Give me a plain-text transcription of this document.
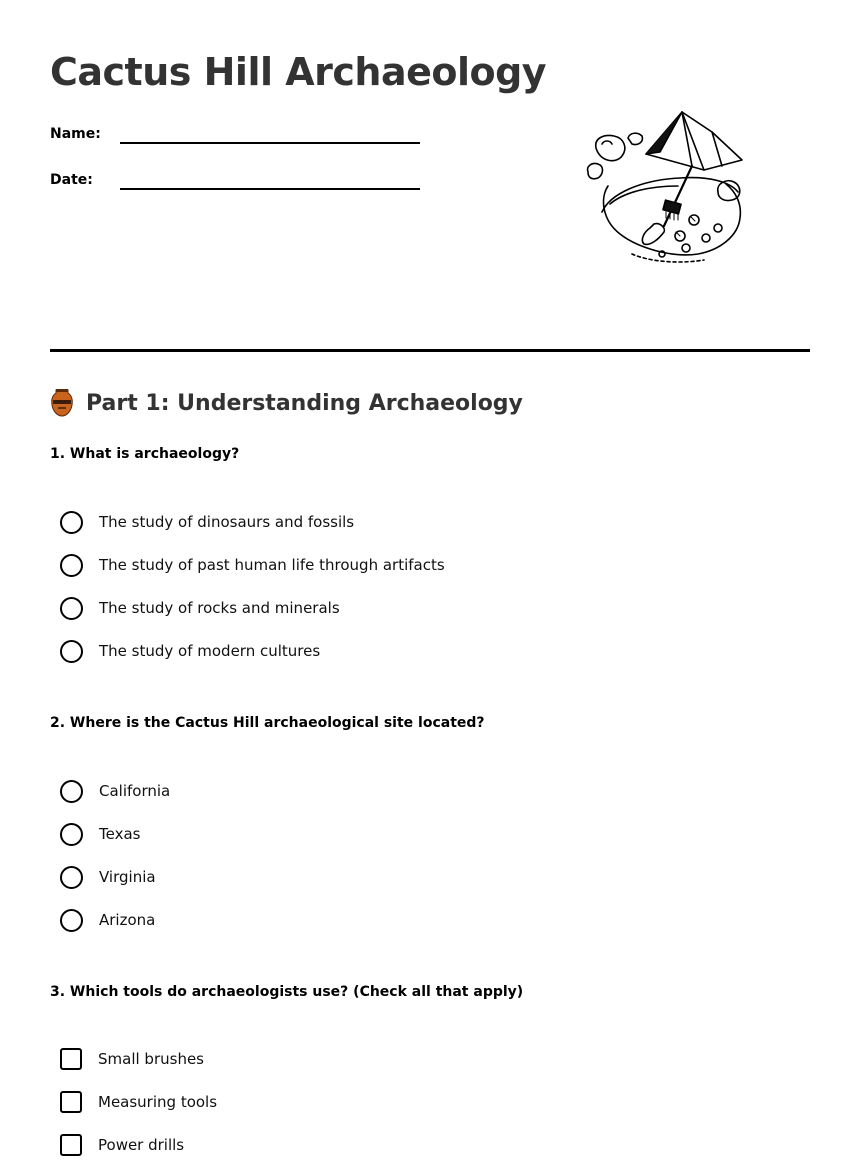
Cactus Hill Archaeology
Name:
Date:
Part 1: Understanding Archaeology

1. What is archaeology?

The study of dinosaurs and fossils
The study of past human life through artifacts
The study of rocks and minerals
The study of modern cultures

2. Where is the Cactus Hill archaeological site located?

California
Texas
Virginia
Arizona

3. Which tools do archaeologists use? (Check all that apply)

Small brushes
Measuring tools
Power drills
